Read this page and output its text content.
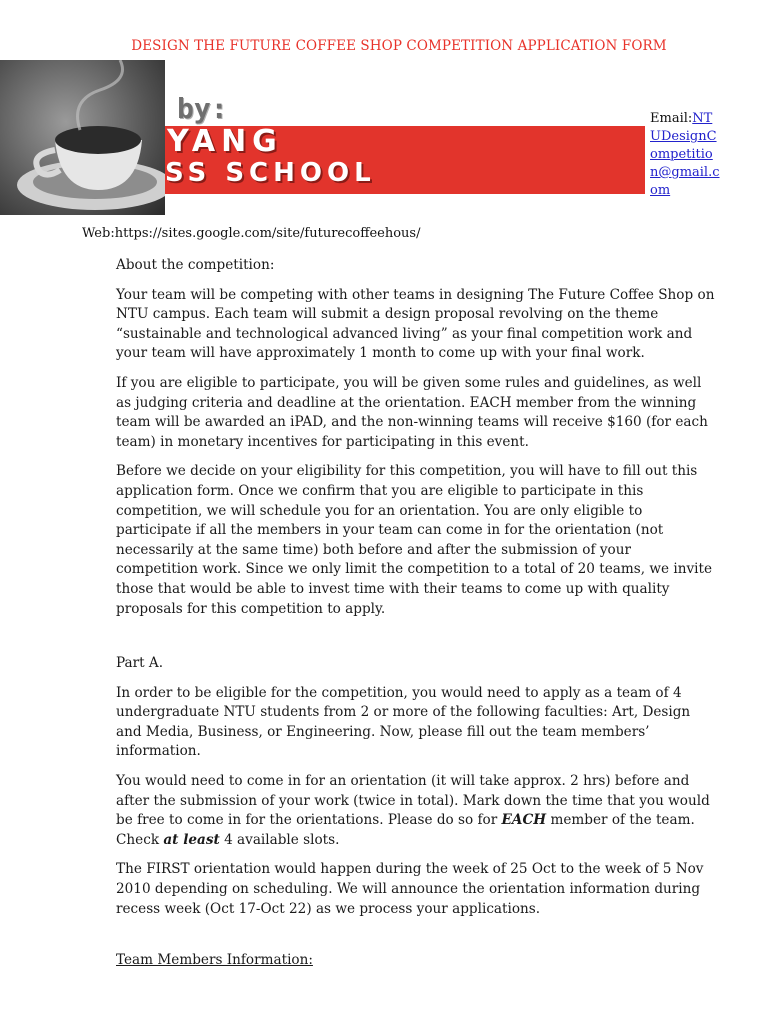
DESIGN THE FUTURE COFFEE SHOP COMPETITION APPLICATION FORM
by:
YANG
SS SCHOOL
Email:NTUDesignCompetition@gmail.com
Web:https://sites.google.com/site/futurecoffeehous/

About the competition:

Your team will be competing with other teams in designing The Future Coffee Shop on NTU campus. Each team will submit a design proposal revolving on the theme “sustainable and technological advanced living” as your final competition work and your team will have approximately 1 month to come up with your final work.

If you are eligible to participate, you will be given some rules and guidelines, as well as judging criteria and deadline at the orientation. EACH member from the winning team will be awarded an iPAD, and the non-winning teams will receive $160 (for each team) in monetary incentives for participating in this event.

Before we decide on your eligibility for this competition, you will have to fill out this application form. Once we confirm that you are eligible to participate in this competition, we will schedule you for an orientation. You are only eligible to participate if all the members in your team can come in for the orientation (not necessarily at the same time) both before and after the submission of your competition work. Since we only limit the competition to a total of 20 teams, we invite those that would be able to invest time with their teams to come up with quality proposals for this competition to apply.

Part A.

In order to be eligible for the competition, you would need to apply as a team of 4 undergraduate NTU students from 2 or more of the following faculties: Art, Design and Media, Business, or Engineering. Now, please fill out the team members’ information.

You would need to come in for an orientation (it will take approx. 2 hrs) before and after the submission of your work (twice in total). Mark down the time that you would be free to come in for the orientations. Please do so for EACH member of the team. Check at least 4 available slots.

The FIRST orientation would happen during the week of 25 Oct to the week of 5 Nov 2010 depending on scheduling. We will announce the orientation information during recess week (Oct 17-Oct 22) as we process your applications.

Team Members Information:
